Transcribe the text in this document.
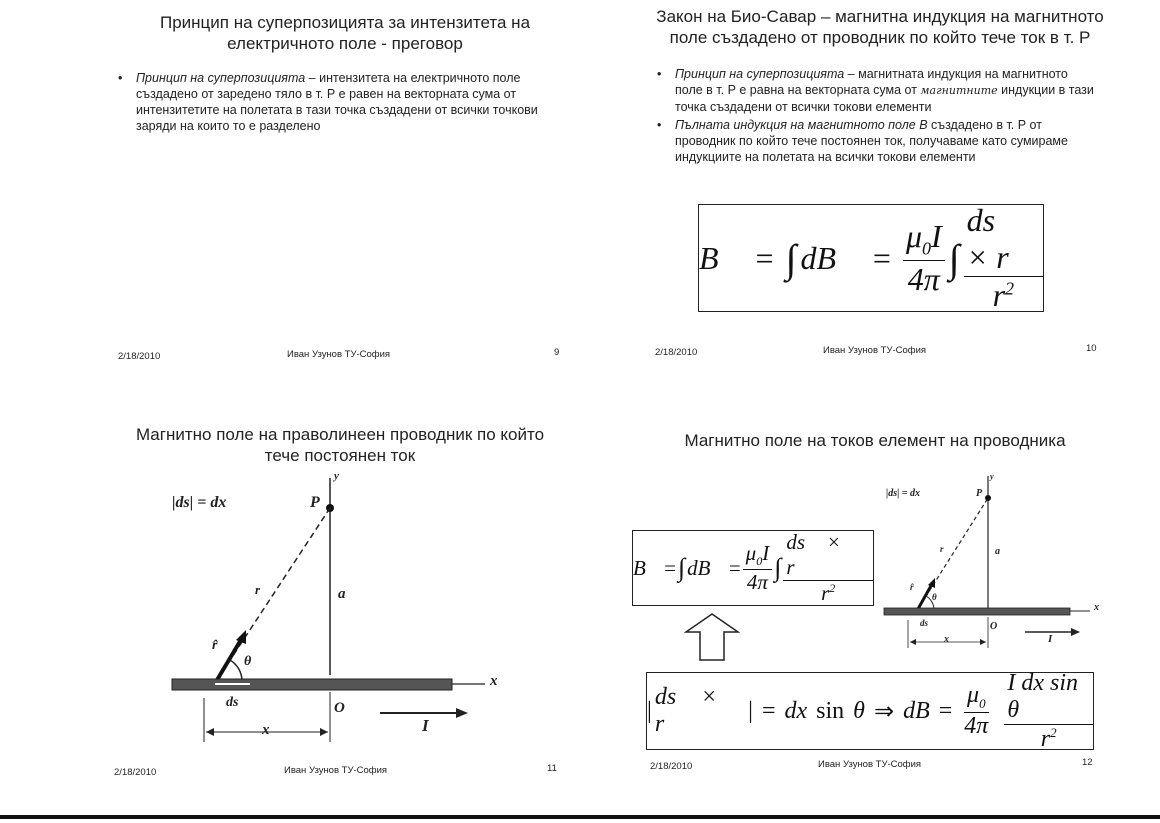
Принцип на суперпозицията за интензитета на
електричното поле - преговор
• Принцип на суперпозицията – интензитета на електричното поле създадено от заредено тяло в т. Р е равен на векторната сума от интензитетите на полетата в тази точка създадени от всички точкови заряди на които то е разделено
2/18/2010	Иван Узунов ТУ-София	9
Закон на Био-Савар – магнитна индукция на магнитното
поле създадено от проводник по който тече ток в т. Р
• Принцип на суперпозицията – магнитната индукция на магнитното поле в т. Р е равна на векторната сума от магнитните индукции в тази точка създадени от всички токови елементи
• Пълната индукция на магнитното поле B създадено в т. Р от проводник по който тече постоянен ток, получаваме като сумираме индукциите на полетата на всички токови елементи
B⃗ = ∫ dB⃗ = $\frac{\mu_0I}{4\pi}$ ∫ $\frac{ds⃗ \times r⃗}{r^2}$
2/18/2010	Иван Узунов ТУ-София	10
Магнитно поле на праволинеен проводник по който
тече постоянен ток
|ds| = dx	P
y
r	a
r̂
θ
ds	O
x
x	I
2/18/2010	Иван Узунов ТУ-София	11
Магнитно поле на токов елемент на проводника
B⃗ = ∫ dB⃗ = $\frac{\mu_0I}{4\pi}$ ∫ $\frac{ds⃗ \times r⃗}{r^2}$
|
ds⃗ × r⃗
| = dx sin θ ⇒ dB = $\frac{\mu_0}{4\pi} \frac{\text{I dx sin θ}}{r^2}$
|ds| = dx	P
y
r	a
r̂
θ
ds	O
x
x	I
2/18/2010	Иван Узунов ТУ-София	12
